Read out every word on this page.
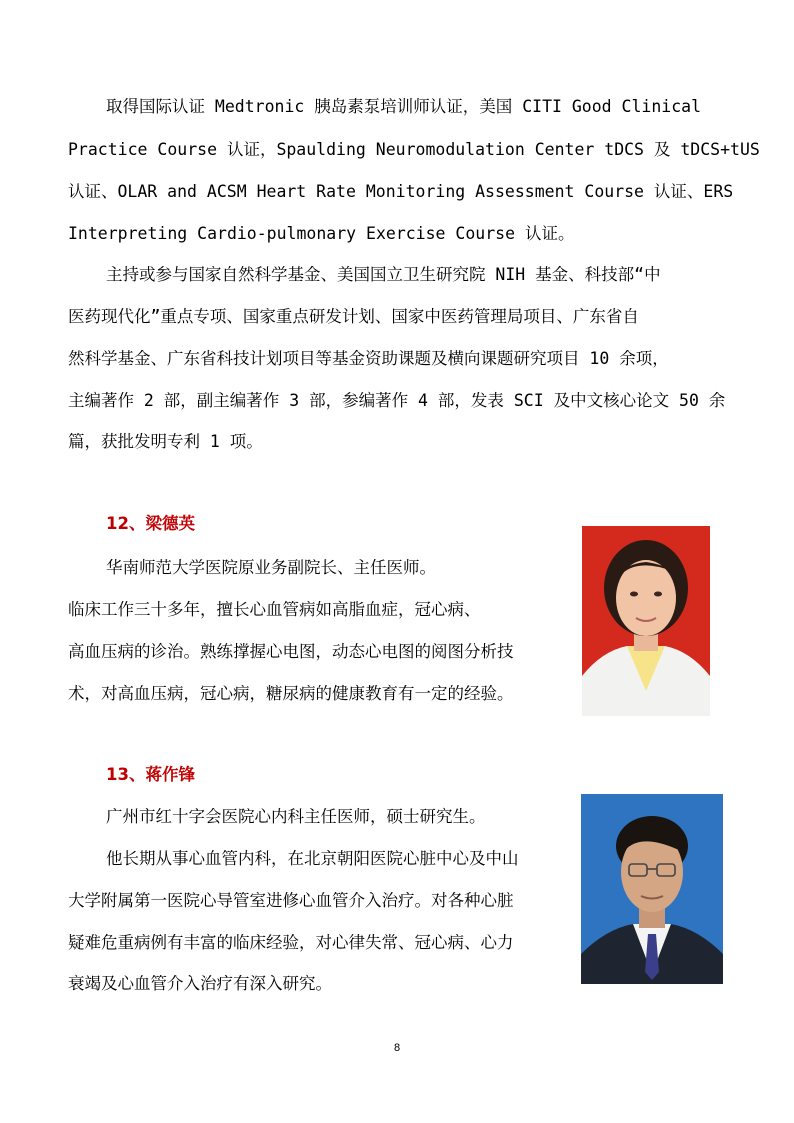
取得国际认证 Medtronic 胰岛素泵培训师认证，美国 CITI Good Clinical
Practice Course 认证，Spaulding Neuromodulation Center tDCS 及 tDCS+tUS
认证、OLAR and ACSM Heart Rate Monitoring Assessment Course 认证、ERS
Interpreting Cardio-pulmonary Exercise Course 认证。
主持或参与国家自然科学基金、美国国立卫生研究院 NIH 基金、科技部“中
医药现代化”重点专项、国家重点研发计划、国家中医药管理局项目、广东省自
然科学基金、广东省科技计划项目等基金资助课题及横向课题研究项目 10 余项，
主编著作 2 部，副主编著作 3 部，参编著作 4 部，发表 SCI 及中文核心论文 50 余
篇，获批发明专利 1 项。
12、梁德英
华南师范大学医院原业务副院长、主任医师。
临床工作三十多年，擅长心血管病如高脂血症，冠心病、
高血压病的诊治。熟练撑握心电图，动态心电图的阅图分析技
术，对高血压病，冠心病，糖尿病的健康教育有一定的经验。
13、蒋作锋
广州市红十字会医院心内科主任医师，硕士研究生。
他长期从事心血管内科，在北京朝阳医院心脏中心及中山
大学附属第一医院心导管室进修心血管介入治疗。对各种心脏
疑难危重病例有丰富的临床经验，对心律失常、冠心病、心力
衰竭及心血管介入治疗有深入研究。
8
